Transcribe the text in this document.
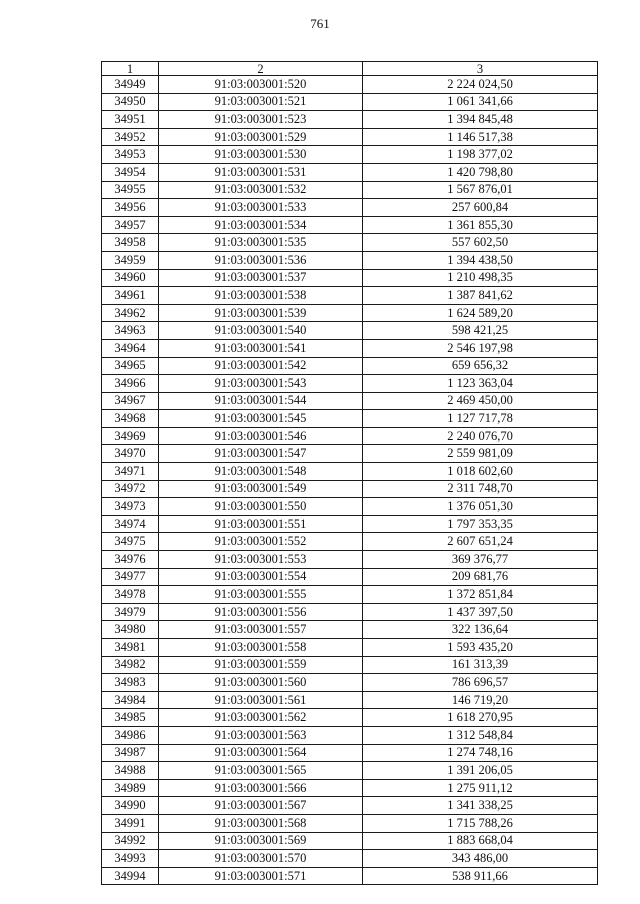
761
1	2	3
34949	91:03:003001:520	2 224 024,50
34950	91:03:003001:521	1 061 341,66
34951	91:03:003001:523	1 394 845,48
34952	91:03:003001:529	1 146 517,38
34953	91:03:003001:530	1 198 377,02
34954	91:03:003001:531	1 420 798,80
34955	91:03:003001:532	1 567 876,01
34956	91:03:003001:533	257 600,84
34957	91:03:003001:534	1 361 855,30
34958	91:03:003001:535	557 602,50
34959	91:03:003001:536	1 394 438,50
34960	91:03:003001:537	1 210 498,35
34961	91:03:003001:538	1 387 841,62
34962	91:03:003001:539	1 624 589,20
34963	91:03:003001:540	598 421,25
34964	91:03:003001:541	2 546 197,98
34965	91:03:003001:542	659 656,32
34966	91:03:003001:543	1 123 363,04
34967	91:03:003001:544	2 469 450,00
34968	91:03:003001:545	1 127 717,78
34969	91:03:003001:546	2 240 076,70
34970	91:03:003001:547	2 559 981,09
34971	91:03:003001:548	1 018 602,60
34972	91:03:003001:549	2 311 748,70
34973	91:03:003001:550	1 376 051,30
34974	91:03:003001:551	1 797 353,35
34975	91:03:003001:552	2 607 651,24
34976	91:03:003001:553	369 376,77
34977	91:03:003001:554	209 681,76
34978	91:03:003001:555	1 372 851,84
34979	91:03:003001:556	1 437 397,50
34980	91:03:003001:557	322 136,64
34981	91:03:003001:558	1 593 435,20
34982	91:03:003001:559	161 313,39
34983	91:03:003001:560	786 696,57
34984	91:03:003001:561	146 719,20
34985	91:03:003001:562	1 618 270,95
34986	91:03:003001:563	1 312 548,84
34987	91:03:003001:564	1 274 748,16
34988	91:03:003001:565	1 391 206,05
34989	91:03:003001:566	1 275 911,12
34990	91:03:003001:567	1 341 338,25
34991	91:03:003001:568	1 715 788,26
34992	91:03:003001:569	1 883 668,04
34993	91:03:003001:570	343 486,00
34994	91:03:003001:571	538 911,66
